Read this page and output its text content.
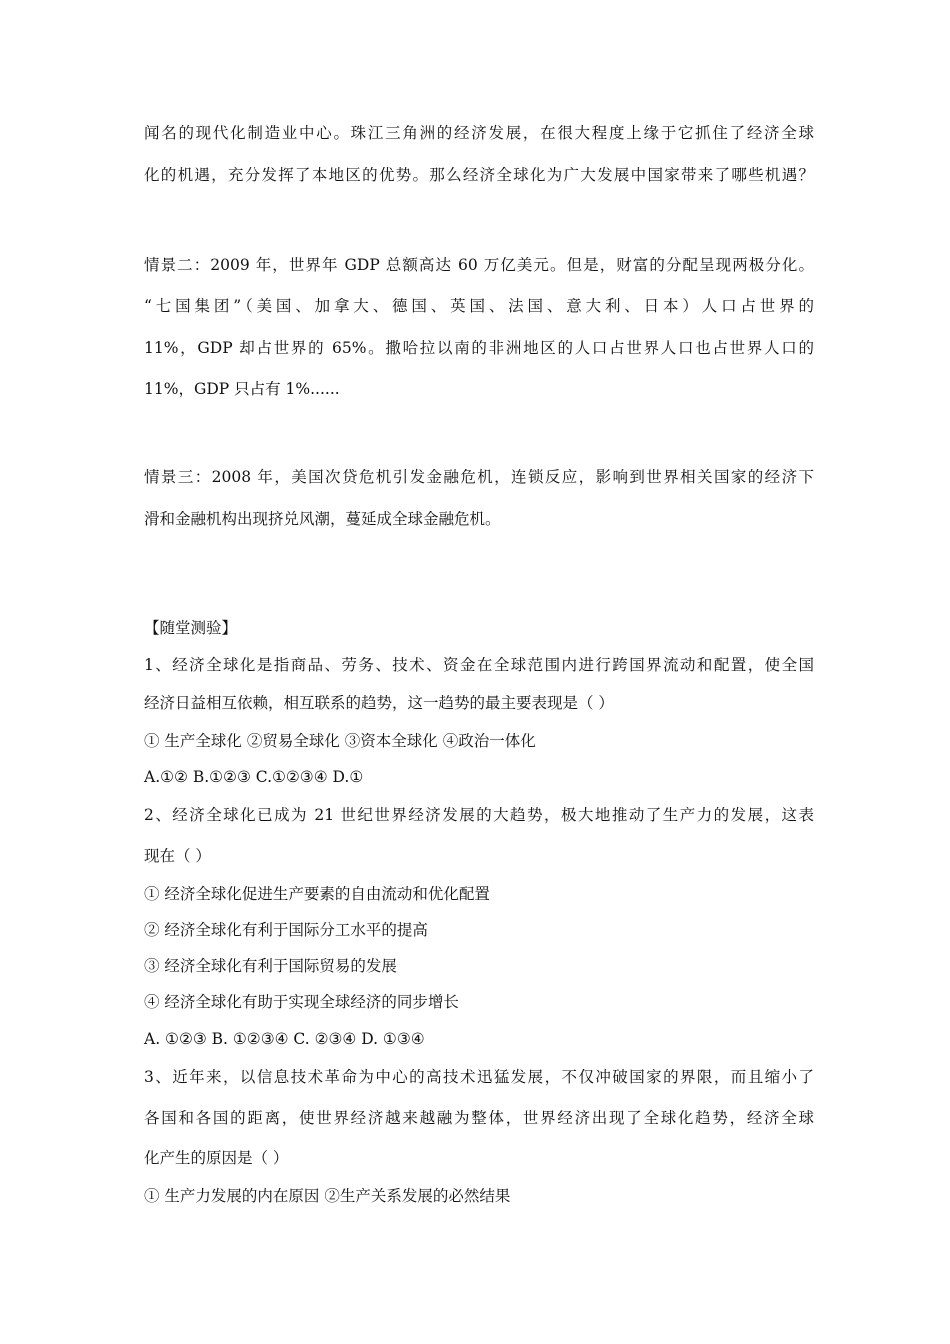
闻名的现代化制造业中心。珠江三角洲的经济发展，在很大程度上缘于它抓住了经济全球
化的机遇，充分发挥了本地区的优势。那么经济全球化为广大发展中国家带来了哪些机遇？
情景二：2009 年，世界年 GDP 总额高达 60 万亿美元。但是，财富的分配呈现两极分化。
“七国集团”（美国、加拿大、德国、英国、法国、意大利、日本）人口占世界的
11%，GDP 却占世界的 65%。撒哈拉以南的非洲地区的人口占世界人口也占世界人口的
11%，GDP 只占有 1%......
情景三：2008 年，美国次贷危机引发金融危机，连锁反应，影响到世界相关国家的经济下
滑和金融机构出现挤兑风潮，蔓延成全球金融危机。
【随堂测验】
1、经济全球化是指商品、劳务、技术、资金在全球范围内进行跨国界流动和配置，使全国
经济日益相互依赖，相互联系的趋势，这一趋势的最主要表现是（ ）
① 生产全球化 ②贸易全球化 ③资本全球化 ④政治一体化
A.①② B.①②③ C.①②③④ D.①
2、经济全球化已成为 21 世纪世界经济发展的大趋势，极大地推动了生产力的发展，这表
现在（ ）
① 经济全球化促进生产要素的自由流动和优化配置
② 经济全球化有利于国际分工水平的提高
③ 经济全球化有利于国际贸易的发展
④ 经济全球化有助于实现全球经济的同步增长
A. ①②③ B. ①②③④ C. ②③④ D. ①③④
3、近年来，以信息技术革命为中心的高技术迅猛发展，不仅冲破国家的界限，而且缩小了
各国和各国的距离，使世界经济越来越融为整体，世界经济出现了全球化趋势，经济全球
化产生的原因是（ ）
① 生产力发展的内在原因 ②生产关系发展的必然结果
